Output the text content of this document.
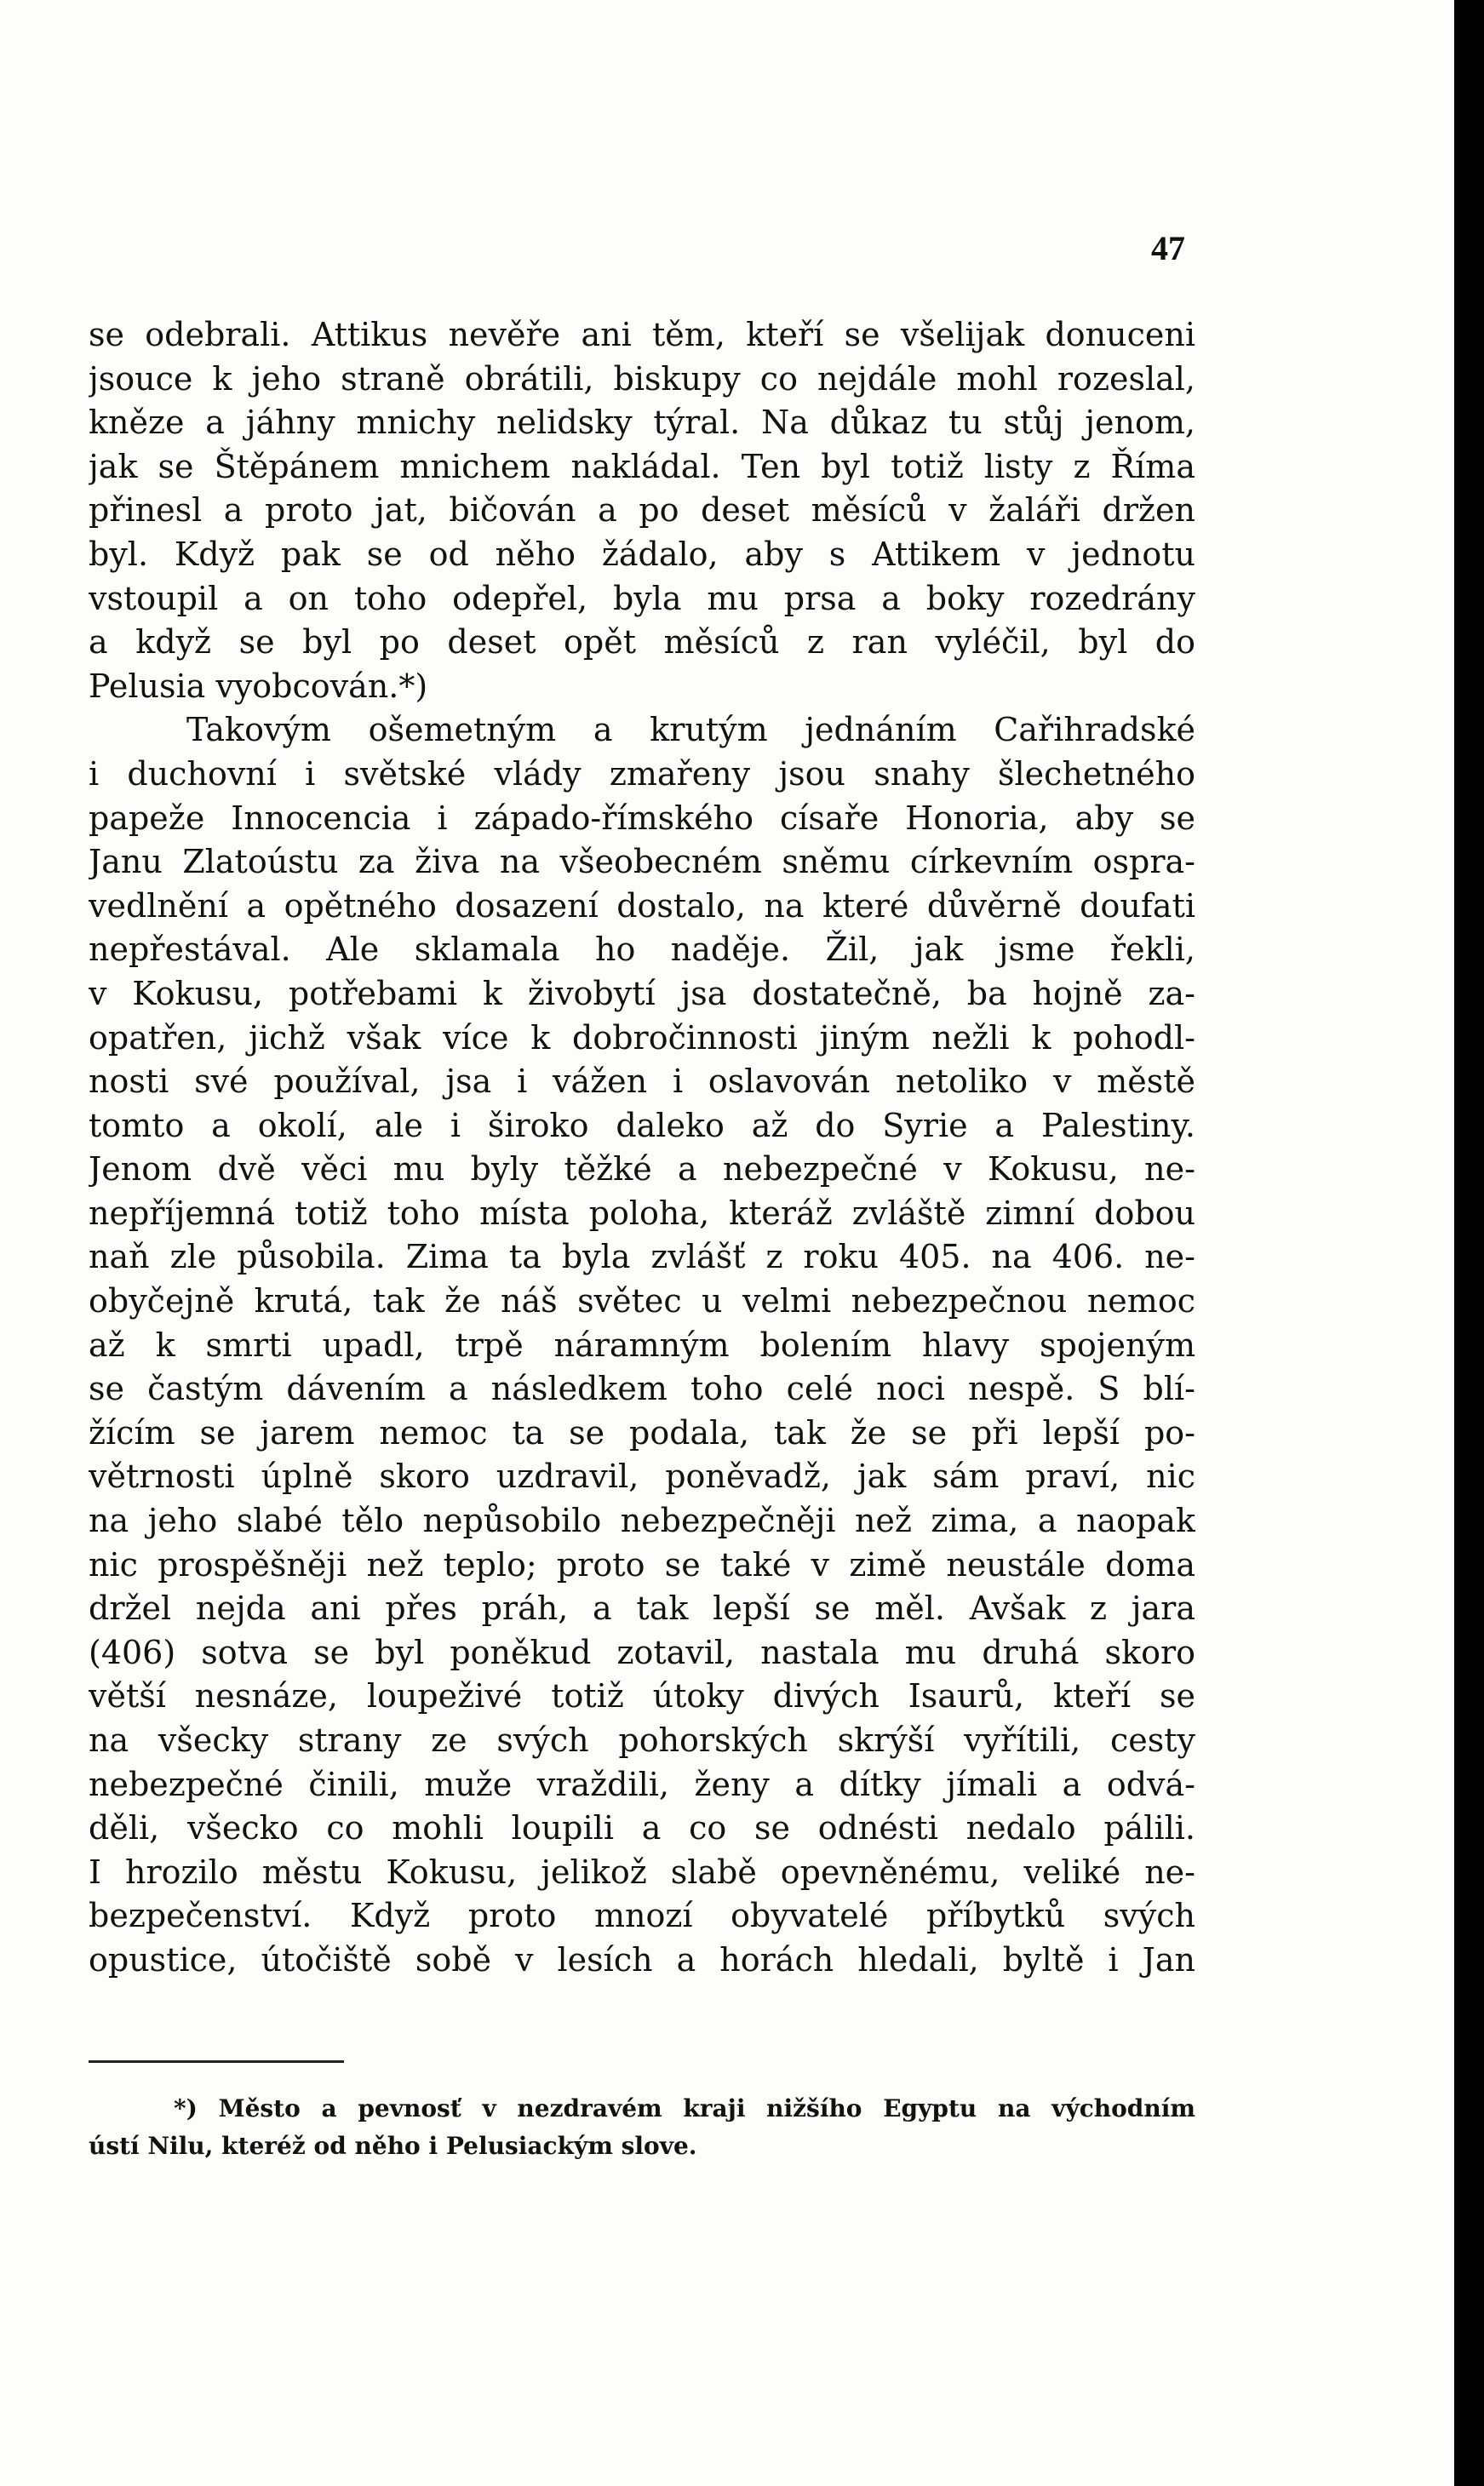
47
se odebrali. Attikus nevěře ani těm, kteří se všelijak donuceni
jsouce k jeho straně obrátili, biskupy co nejdále mohl rozeslal,
kněze a jáhny mnichy nelidsky týral. Na důkaz tu stůj jenom,
jak se Štěpánem mnichem nakládal. Ten byl totiž listy z Říma
přinesl a proto jat, bičován a po deset měsíců v žaláři držen
byl. Když pak se od něho žádalo, aby s Attikem v jednotu
vstoupil a on toho odepřel, byla mu prsa a boky rozedrány
a když se byl po deset opět měsíců z ran vyléčil, byl do
Pelusia vyobcován.*)
Takovým ošemetným a krutým jednáním Cařihradské
i duchovní i světské vlády zmařeny jsou snahy šlechetného
papeže Innocencia i západo-římského císaře Honoria, aby se
Janu Zlatoústu za živa na všeobecném sněmu církevním ospra-
vedlnění a opětného dosazení dostalo, na které důvěrně doufati
nepřestával. Ale sklamala ho naděje. Žil, jak jsme řekli,
v Kokusu, potřebami k živobytí jsa dostatečně, ba hojně za-
opatřen, jichž však více k dobročinnosti jiným nežli k pohodl-
nosti své používal, jsa i vážen i oslavován netoliko v městě
tomto a okolí, ale i široko daleko až do Syrie a Palestiny.
Jenom dvě věci mu byly těžké a nebezpečné v Kokusu, ne-
nepříjemná totiž toho místa poloha, kteráž zvláště zimní dobou
naň zle působila. Zima ta byla zvlášť z roku 405. na 406. ne-
obyčejně krutá, tak že náš světec u velmi nebezpečnou nemoc
až k smrti upadl, trpě náramným bolením hlavy spojeným
se častým dávením a následkem toho celé noci nespě. S blí-
žícím se jarem nemoc ta se podala, tak že se při lepší po-
větrnosti úplně skoro uzdravil, poněvadž, jak sám praví, nic
na jeho slabé tělo nepůsobilo nebezpečněji než zima, a naopak
nic prospěšněji než teplo; proto se také v zimě neustále doma
držel nejda ani přes práh, a tak lepší se měl. Avšak z jara
(406) sotva se byl poněkud zotavil, nastala mu druhá skoro
větší nesnáze, loupeživé totiž útoky divých Isaurů, kteří se
na všecky strany ze svých pohorských skrýší vyřítili, cesty
nebezpečné činili, muže vraždili, ženy a dítky jímali a odvá-
děli, všecko co mohli loupili a co se odnésti nedalo pálili.
I hrozilo městu Kokusu, jelikož slabě opevněnému, veliké ne-
bezpečenství. Když proto mnozí obyvatelé příbytků svých
opustice, útočiště sobě v lesích a horách hledali, byltě i Jan
*) Město a pevnosť v nezdravém kraji nižšího Egyptu na východním
ústí Nilu, kteréž od něho i Pelusiackým slove.
